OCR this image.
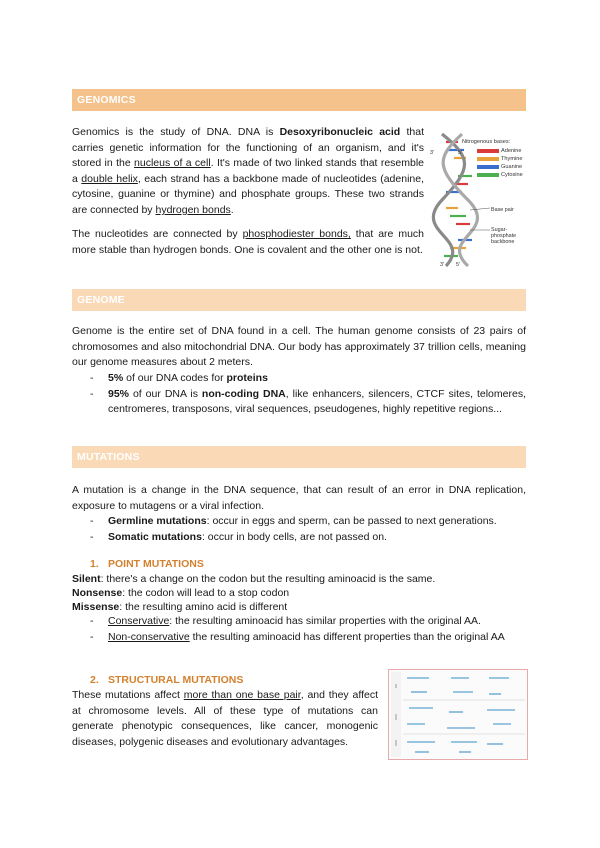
GENOMICS
Genomics is the study of DNA. DNA is Desoxyribonucleic acid that carries genetic information for the functioning of an organism, and it's stored in the nucleus of a cell. It's made of two linked stands that resemble a double helix, each strand has a backbone made of nucleotides (adenine, cytosine, guanine or thymine) and phosphate groups. These two strands are connected by hydrogen bonds.
The nucleotides are connected by phosphodiester bonds, that are much more stable than hydrogen bonds. One is covalent and the other one is not.
3'	5'
3' 5'
Base pair
Sugar-phosphate backbone
Nitrogenous bases:
Adenine
Thymine
Guanine
Cytosine
GENOME
Genome is the entire set of DNA found in a cell. The human genome consists of 23 pairs of chromosomes and also mitochondrial DNA. Our body has approximately 37 trillion cells, meaning our genome measures about 2 meters.
- 5% of our DNA codes for proteins
- 95% of our DNA is non-coding DNA, like enhancers, silencers, CTCF sites, telomeres, centromeres, transposons, viral sequences, pseudogenes, highly repetitive regions...
MUTATIONS
A mutation is a change in the DNA sequence, that can result of an error in DNA replication, exposure to mutagens or a viral infection.
- Germline mutations: occur in eggs and sperm, can be passed to next generations.
- Somatic mutations: occur in body cells, are not passed on.
1. POINT MUTATIONS
Silent: there's a change on the codon but the resulting aminoacid is the same.
Nonsense: the codon will lead to a stop codon
Missense: the resulting amino acid is different
- Conservative: the resulting aminoacid has similar properties with the original AA.
- Non-conservative the resulting aminoacid has different properties than the original AA
2. STRUCTURAL MUTATIONS
These mutations affect more than one base pair, and they affect at chromosome levels. All of these type of mutations can generate phenotypic consequences, like cancer, monogenic diseases, polygenic diseases and evolutionary advantages.
